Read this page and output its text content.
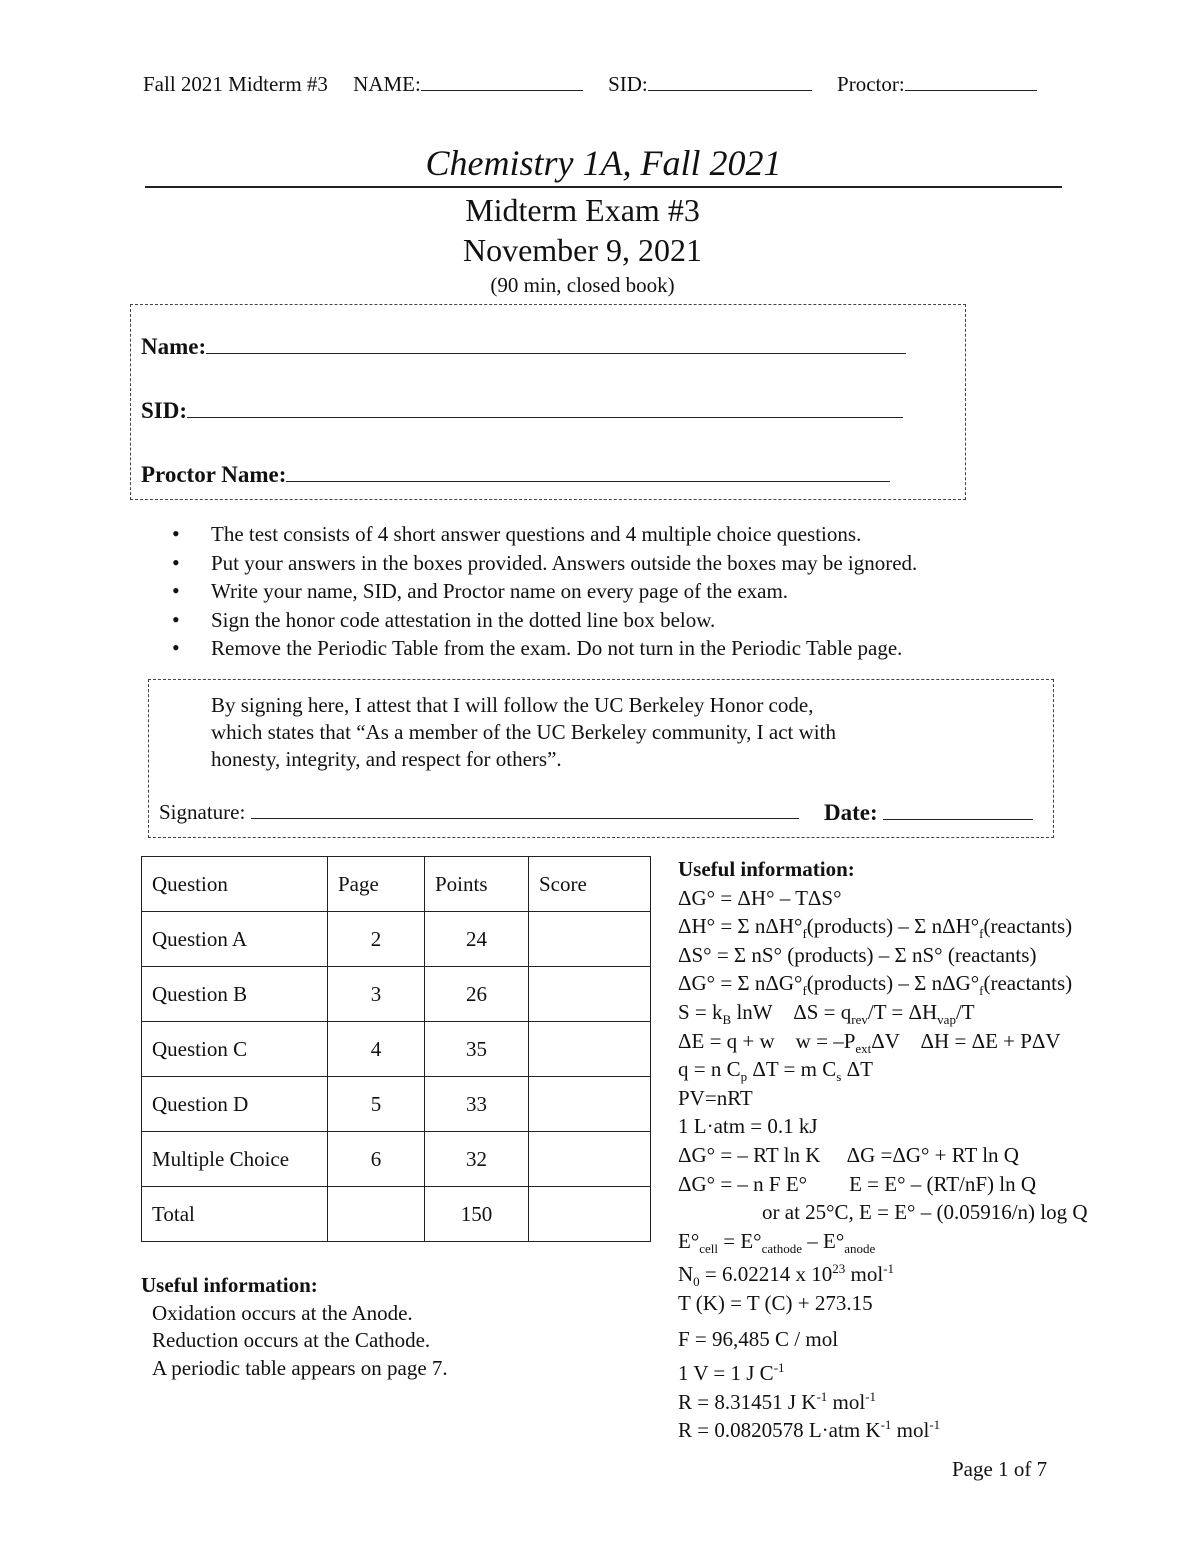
Fall 2021 Midterm #3 NAME:	SID:	Proctor:
Chemistry 1A, Fall 2021
Midterm Exam #3
November 9, 2021
(90 min, closed book)
Name:
SID:
Proctor Name:
• The test consists of 4 short answer questions and 4 multiple choice questions.
• Put your answers in the boxes provided. Answers outside the boxes may be ignored.
• Write your name, SID, and Proctor name on every page of the exam.
• Sign the honor code attestation in the dotted line box below.
• Remove the Periodic Table from the exam. Do not turn in the Periodic Table page.
By signing here, I attest that I will follow the UC Berkeley Honor code,
which states that “As a member of the UC Berkeley community, I act with
honesty, integrity, and respect for others”.
Signature:	Date:
Question	Page	Points	Score
Question A	2	24	
Question B	3	26	
Question C	4	35	
Question D	5	33	
Multiple Choice	6	32	
Total		150	
Useful information:
Oxidation occurs at the Anode.
Reduction occurs at the Cathode.
A periodic table appears on page 7.
Useful information:
ΔG° = ΔH° – TΔS°
ΔH° = Σ $n\Delta H^\circ_f(products)$ – Σ $n\Delta H^\circ_f(reactants)$
ΔS° = Σ nS° (products) – Σ nS° (reactants)
ΔG° = Σ $n\Delta G^\circ_f(products)$ – Σ $n\Delta G^\circ_f(reactants)$
$S = k_B$ lnW    $\Delta S = q_{rev}/T = \Delta H_{vap}/T$
ΔE = q + w    $w = -P_{ext}\Delta V$    ΔH = ΔE + PΔV
q = n $C_p$ ΔT = m $C_s$ ΔT
PV=nRT
1 L·atm = 0.1 kJ
ΔG° = – RT ln K     ΔG =ΔG° + RT ln Q
ΔG° = – n F E°        E = E° – (RT/nF) ln Q
or at 25°C, E = E° – (0.05916/n) log Q
$E^\circ_{cell} = E^\circ_{cathode} - E^\circ_{anode}$
$N_0 = 6.02214$ x $10^{23}$ mol$^{-1}$
T (K) = T (C) + 273.15
F = 96,485 C / mol
1 V = 1 J $C^{-1}$
R = 8.31451 J $K^{-1}$ mol$^{-1}$
R = 0.0820578 L·atm $K^{-1}$ mol$^{-1}$
Page 1 of 7
